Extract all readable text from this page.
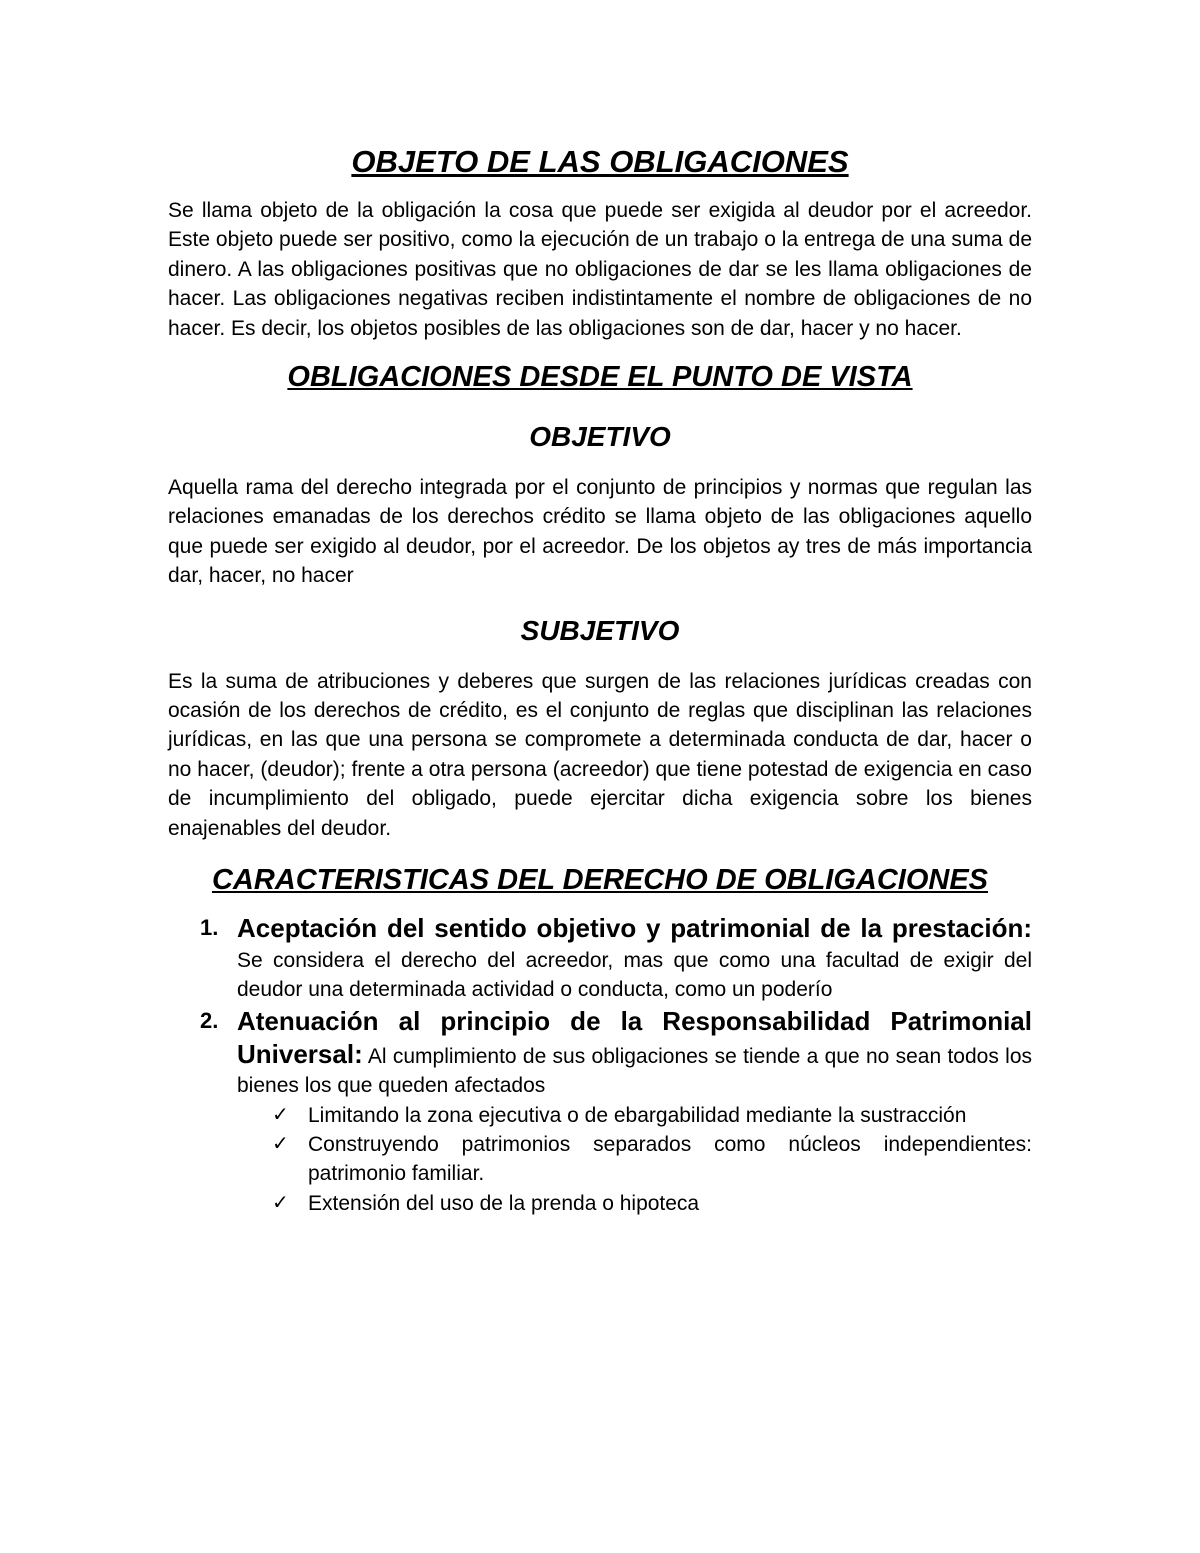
OBJETO DE LAS OBLIGACIONES

Se llama objeto de la obligación la cosa que puede ser exigida al deudor por el acreedor. Este objeto puede ser positivo, como la ejecución de un trabajo o la entrega de una suma de dinero. A las obligaciones positivas que no obligaciones de dar se les llama obligaciones de hacer. Las obligaciones negativas reciben indistintamente el nombre de obligaciones de no hacer. Es decir, los objetos posibles de las obligaciones son de dar, hacer y no hacer.

OBLIGACIONES DESDE EL PUNTO DE VISTA
OBJETIVO

Aquella rama del derecho integrada por el conjunto de principios y normas que regulan las relaciones emanadas de los derechos crédito se llama objeto de las obligaciones aquello que puede ser exigido al deudor, por el acreedor. De los objetos ay tres de más importancia dar, hacer, no hacer

SUBJETIVO

Es la suma de atribuciones y deberes que surgen de las relaciones jurídicas creadas con ocasión de los derechos de crédito, es el conjunto de reglas que disciplinan las relaciones jurídicas, en las que una persona se compromete a determinada conducta de dar, hacer o no hacer, (deudor); frente a otra persona (acreedor) que tiene potestad de exigencia en caso de incumplimiento del obligado, puede ejercitar dicha exigencia sobre los bienes enajenables del deudor.

CARACTERISTICAS DEL DERECHO DE OBLIGACIONES
1. Aceptación del sentido objetivo y patrimonial de la prestación: Se considera el derecho del acreedor, mas que como una facultad de exigir del deudor una determinada actividad o conducta, como un poderío
2. Atenuación al principio de la Responsabilidad Patrimonial Universal: Al cumplimiento de sus obligaciones se tiende a que no sean todos los bienes los que queden afectados
✓ Limitando la zona ejecutiva o de ebargabilidad mediante la sustracción
✓ Construyendo patrimonios separados como núcleos independientes: patrimonio familiar.
✓ Extensión del uso de la prenda o hipoteca
